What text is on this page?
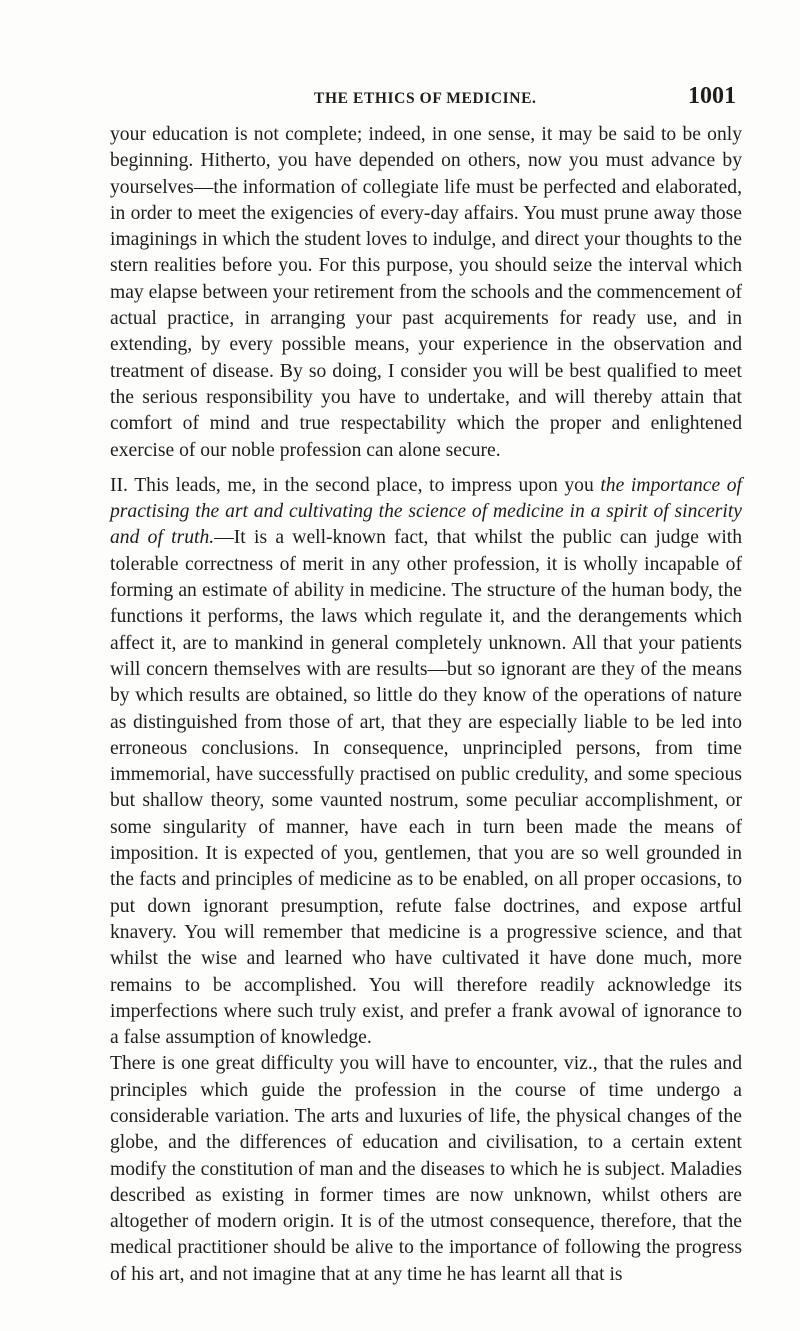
THE ETHICS OF MEDICINE.	1001

your education is not complete; indeed, in one sense, it may be said to be only beginning. Hitherto, you have depended on others, now you must advance by yourselves—the information of collegiate life must be perfected and elaborated, in order to meet the exigencies of every-day affairs. You must prune away those imaginings in which the student loves to indulge, and direct your thoughts to the stern realities before you. For this purpose, you should seize the interval which may elapse between your retirement from the schools and the commencement of actual practice, in arranging your past acquirements for ready use, and in extending, by every possible means, your experience in the observation and treatment of disease. By so doing, I consider you will be best qualified to meet the serious responsibility you have to undertake, and will thereby attain that comfort of mind and true respectability which the proper and enlightened exercise of our noble profession can alone secure.

II. This leads, me, in the second place, to impress upon you the importance of practising the art and cultivating the science of medicine in a spirit of sincerity and of truth.—It is a well-known fact, that whilst the public can judge with tolerable correctness of merit in any other profession, it is wholly incapable of forming an estimate of ability in medicine. The structure of the human body, the functions it performs, the laws which regulate it, and the derangements which affect it, are to mankind in general completely unknown. All that your patients will concern themselves with are results—but so ignorant are they of the means by which results are obtained, so little do they know of the operations of nature as distinguished from those of art, that they are especially liable to be led into erroneous conclusions. In consequence, unprincipled persons, from time immemorial, have successfully practised on public credulity, and some specious but shallow theory, some vaunted nostrum, some peculiar accomplishment, or some singularity of manner, have each in turn been made the means of imposition. It is expected of you, gentlemen, that you are so well grounded in the facts and principles of medicine as to be enabled, on all proper occasions, to put down ignorant presumption, refute false doctrines, and expose artful knavery. You will remember that medicine is a progressive science, and that whilst the wise and learned who have cultivated it have done much, more remains to be accomplished. You will therefore readily acknowledge its imperfections where such truly exist, and prefer a frank avowal of ignorance to a false assumption of knowledge.

There is one great difficulty you will have to encounter, viz., that the rules and principles which guide the profession in the course of time undergo a considerable variation. The arts and luxuries of life, the physical changes of the globe, and the differences of education and civilisation, to a certain extent modify the constitution of man and the diseases to which he is subject. Maladies described as existing in former times are now unknown, whilst others are altogether of modern origin. It is of the utmost consequence, therefore, that the medical practitioner should be alive to the importance of following the progress of his art, and not imagine that at any time he has learnt all that is
